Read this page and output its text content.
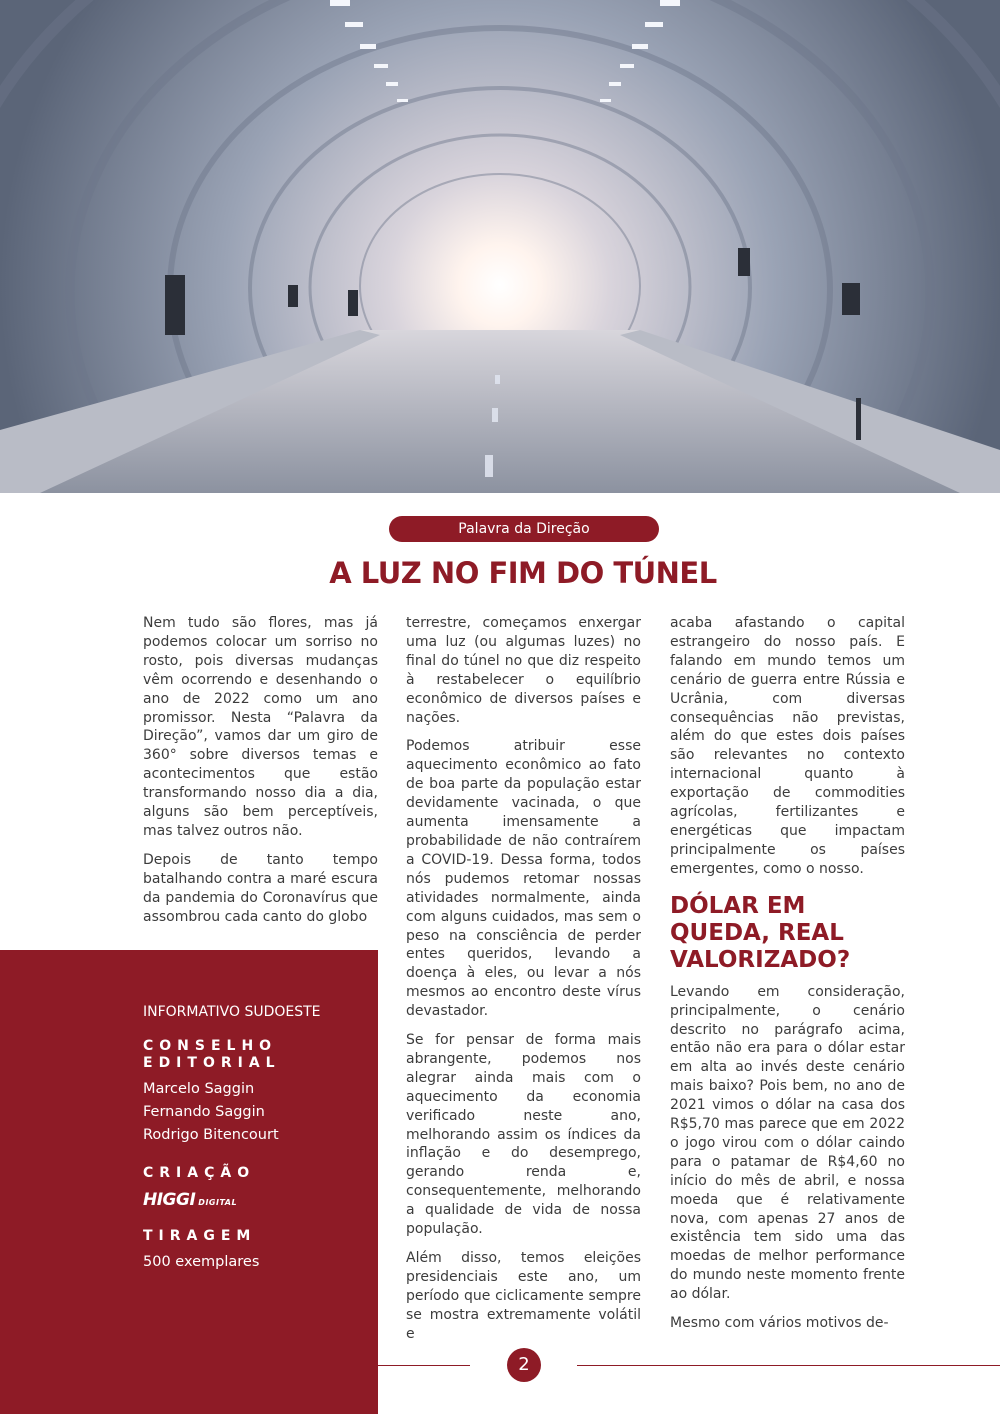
Palavra da Direção
A LUZ NO FIM DO TÚNEL

Nem tudo são flores, mas já podemos colocar um sorriso no rosto, pois diversas mudanças vêm ocorrendo e desenhando o ano de 2022 como um ano promissor. Nesta “Palavra da Direção”, vamos dar um giro de 360° sobre diversos temas e acontecimentos que estão transformando nosso dia a dia, alguns são bem perceptíveis, mas talvez outros não.

Depois de tanto tempo batalhando contra a maré escura da pandemia do Coronavírus que assombrou cada canto do globo

terrestre, começamos enxergar uma luz (ou algumas luzes) no final do túnel no que diz respeito à restabelecer o equilíbrio econômico de diversos países e nações.

Podemos atribuir esse aquecimento econômico ao fato de boa parte da população estar devidamente vacinada, o que aumenta imensamente a probabilidade de não contraírem a COVID-19. Dessa forma, todos nós pudemos retomar nossas atividades normalmente, ainda com alguns cuidados, mas sem o peso na consciência de perder entes queridos, levando a doença à eles, ou levar a nós mesmos ao encontro deste vírus devastador.

Se for pensar de forma mais abrangente, podemos nos alegrar ainda mais com o aquecimento da economia verificado neste ano, melhorando assim os índices da inflação e do desemprego, gerando renda e, consequentemente, melhorando a qualidade de vida de nossa população.

Além disso, temos eleições presidenciais este ano, um período que ciclicamente sempre se mostra extremamente volátil e

acaba afastando o capital estrangeiro do nosso país. E falando em mundo temos um cenário de guerra entre Rússia e Ucrânia, com diversas consequências não previstas, além do que estes dois países são relevantes no contexto internacional quanto à exportação de commodities agrícolas, fertilizantes e energéticas que impactam principalmente os países emergentes, como o nosso.

DÓLAR EM QUEDA, REAL VALORIZADO?

Levando em consideração, principalmente, o cenário descrito no parágrafo acima, então não era para o dólar estar em alta ao invés deste cenário mais baixo? Pois bem, no ano de 2021 vimos o dólar na casa dos R$5,70 mas parece que em 2022 o jogo virou com o dólar caindo para o patamar de R$4,60 no início do mês de abril, e nossa moeda que é relativamente nova, com apenas 27 anos de existência tem sido uma das moedas de melhor performance do mundo neste momento frente ao dólar.

Mesmo com vários motivos de-

INFORMATIVO SUDOESTE
CONSELHO EDITORIAL
Marcelo Saggin
Fernando Saggin
Rodrigo Bitencourt
CRIAÇÃO
HIGGI DIGITAL
TIRAGEM
500 exemplares
2
